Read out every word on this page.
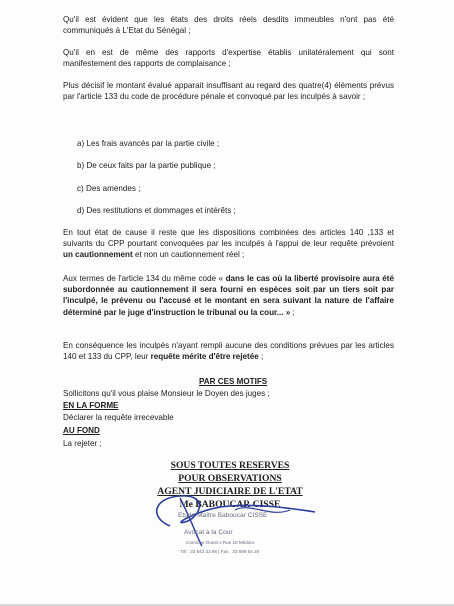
Qu'il est évident que les états des droits réels desdits immeubles n'ont pas été communiqués à L'Etat du Sénégal ;
Qu'il en est de même des rapports d'expertise établis unilatéralement qui sont manifestement des rapports de complaisance ;
Plus décisif le montant évalué apparait insuffisant au regard des quatre(4) éléments prévus par l'article 133 du code de procédure pénale et convoqué par les inculpés à savoir ;
a) Les frais avancés par la partie civile ;
b) De ceux faits par la partie publique ;
c) Des amendes ;
d) Des restitutions et dommages et intérêts ;
En tout état de cause il reste que les dispositions combinées des articles 140 ,133 et suivants du CPP pourtant convoquées par les inculpés à l'appui de leur requête prévoient un cautionnement et non un cautionnement réel ;
Aux termes de l'article 134 du même code « dans le cas où la liberté provisoire aura été subordonnée au cautionnement il sera fourni en espèces soit par un tiers soit par l'inculpé, le prévenu ou l'accusé et le montant en sera suivant la nature de l'affaire déterminé par le juge d'instruction le tribunal ou la cour... » ;
En conséquence les inculpés n'ayant rempli aucune des conditions prévues par les articles 140 et 133 du CPP, leur requête mérite d'être rejetée ;
PAR CES MOTIFS
Sollicitons qu'il vous plaise Monsieur le Doyen des juges ;
EN LA FORME
Déclarer la requête irrecevable
AU FOND
La rejeter ;
SOUS TOUTES RESERVES
POUR OBSERVATIONS
AGENT JUDICIAIRE DE L'ETAT
Me BABOUCAR CISSE
Etude Maître Baboucar CISSE
Avocat à la Cour
Corniche Ouest x Rue 15 Médina
Tél : 33 842 33 96 | Fax : 33 889 54 29
